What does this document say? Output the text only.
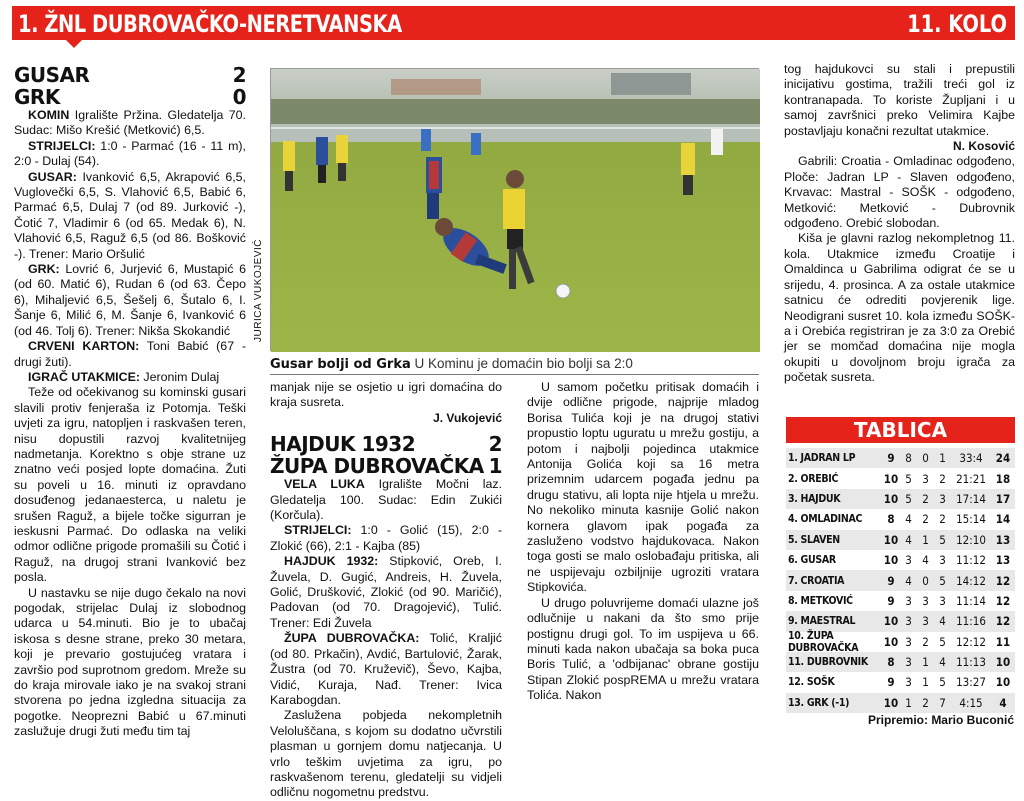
1. ŽNL DUBROVAČKO-NERETVANSKA	11. KOLO
GUSAR	2
GRK	0

KOMIN Igralište Pržina. Gledatelja 70. Sudac: Mišo Krešić (Metković) 6,5.

STRIJELCI: 1:0 - Parmać (16 - 11 m), 2:0 - Dulaj (54).

GUSAR: Ivanković 6,5, Akrapović 6,5, Vuglovečki 6,5, S. Vlahović 6,5, Babić 6, Parmać 6,5, Dulaj 7 (od 89. Jurković -), Čotić 7, Vladimir 6 (od 65. Medak 6), N. Vlahović 6,5, Raguž 6,5 (od 86. Bošković -). Trener: Mario Oršulić

GRK: Lovrić 6, Jurjević 6, Mustapić 6 (od 60. Matić 6), Rudan 6 (od 63. Čepo 6), Mihaljević 6,5, Šešelj 6, Šutalo 6, I. Šanje 6, Milić 6, M. Šanje 6, Ivanković 6 (od 46. Tolj 6). Trener: Nikša Skokandić

CRVENI KARTON: Toni Babić (67 - drugi žuti).

IGRAČ UTAKMICE: Jeronim Dulaj

Teže od očekivanog su kominski gusari slavili protiv fenjeraša iz Potomja. Teški uvjeti za igru, natopljen i raskvašen teren, nisu dopustili razvoj kvalitetnijeg nadmetanja. Korektno s obje strane uz znatno veći posjed lopte domaćina. Žuti su poveli u 16. minuti iz opravdano dosuđenog jedanaesterca, u naletu je srušen Raguž, a bijele točke sigurran je ieskusni Parmać. Do odlaska na veliki odmor odlične prigode promašili su Čotić i Raguž, na drugoj strani Ivanković bez posla.

U nastavku se nije dugo čekalo na novi pogodak, strijelac Dulaj iz slobodnog udarca u 54.minuti. Bio je to ubačaj iskosa s desne strane, preko 30 metara, koji je prevario gostujućeg vratara i završio pod suprotnom gredom. Mreže su do kraja mirovale iako je na svakoj strani stvorena po jedna izgledna situacija za pogotke. Neoprezni Babić u 67.minuti zaslužuje drugi žuti među tim taj

JURICA VUKOJEVIĆ
Gusar bolji od Grka U Kominu je domaćin bio bolji sa 2:0

manjak nije se osjetio u igri domaćina do kraja susreta.

J. Vukojević
HAJDUK 1932	2
ŽUPA DUBROVAČKA 1

VELA LUKA Igralište Močni laz. Gledatelja 100. Sudac: Edin Zukići (Korčula).

STRIJELCI: 1:0 - Golić (15), 2:0 - Zlokić (66), 2:1 - Kajba (85)

HAJDUK 1932: Stipković, Oreb, I. Žuvela, D. Gugić, Andreis, H. Žuvela, Golić, Drušković, Zlokić (od 90. Maričić), Padovan (od 70. Dragojević), Tulić. Trener: Edi Žuvela

ŽUPA DUBROVAČKA: Tolić, Kraljić (od 80. Prkačin), Avdić, Bartulović, Žarak, Žustra (od 70. Kruževič), Ševo, Kajba, Vidić, Kuraja, Nađ. Trener: Ivica Karabogdan.

Zaslužena pobjeda nekompletnih Veloluščana, s kojom su dodatno učvrstili plasman u gornjem domu natjecanja. U vrlo teškim uvjetima za igru, po raskvašenom terenu, gledatelji su vidjeli odličnu nogometnu predstvu.

U samom početku pritisak domaćih i dvije odlične prigode, najprije mladog Borisa Tulića koji je na drugoj stativi propustio loptu uguratu u mrežu gostiju, a potom i najbolji pojedinca utakmice Antonija Golića koji sa 16 metra prizemnim udarcem pogađa jednu pa drugu stativu, ali lopta nije htjela u mrežu. No nekoliko minuta kasnije Golić nakon kornera glavom ipak pogađa za zasluženo vodstvo hajdukovaca. Nakon toga gosti se malo oslobađaju pritiska, ali ne uspijevaju ozbiljnije ugroziti vratara Stipkovića.

U drugo poluvrijeme domaći ulazne još odlučnije u nakani da što smo prije postignu drugi gol. To im uspijeva u 66. minuti kada nakon ubačaja sa boka puca Boris Tulić, a 'odbijanac' obrane gostiju Stipan Zlokić pospREMA u mrežu vratara Tolića. Nakon

tog hajdukovci su stali i prepustili inicijativu gostima, tražili treći gol iz kontranapada. To koriste Župljani i u samoj završnici preko Velimira Kajbe postavljaju konačni rezultat utakmice.

N. Kosović

Gabrili: Croatia - Omladinac odgođeno, Ploče: Jadran LP - Slaven odgođeno, Krvavac: Mastral - SOŠK - odgođeno, Metković: Metković - Dubrovnik odgođeno. Orebić slobodan.

Kiša je glavni razlog nekompletnog 11. kola. Utakmice između Croatije i Omaldinca u Gabrilima odigrat će se u srijedu, 4. prosinca. A za ostale utakmice satnicu će odrediti povjerenik lige. Neodigrani susret 10. kola između SOŠK-a i Orebića registriran je za 3:0 za Orebić jer se momčad domaćina nije mogla okupiti u dovoljnom broju igrača za početak susreta.

TABLICA
1. JADRAN LP	9 8 0 1	33:4	24
2. OREBIĆ	10 5 3 2 21:21 18
3. HAJDUK	10 5 2 3 17:14 17
4. OMLADINAC	8 4 2 2 15:14 14
5. SLAVEN	10 4 1 5 12:10 13
6. GUSAR	10 3 4 3 11:12 13
7. CROATIA	9 4 0 5 14:12 12
8. METKOVIĆ	9 3 3 3 11:14 12
9. MAESTRAL	10 3 3 4 11:16 12
10. ŽUPA DUBROVAČKA	10 3 2 5 12:12 11
11. DUBROVNIK	8 3 1 4 11:13 10
12. SOŠK	9 3 1 5 13:27 10
13. GRK (-1)	10 1 2 7	4:15	4
Pripremio: Mario Buconić
